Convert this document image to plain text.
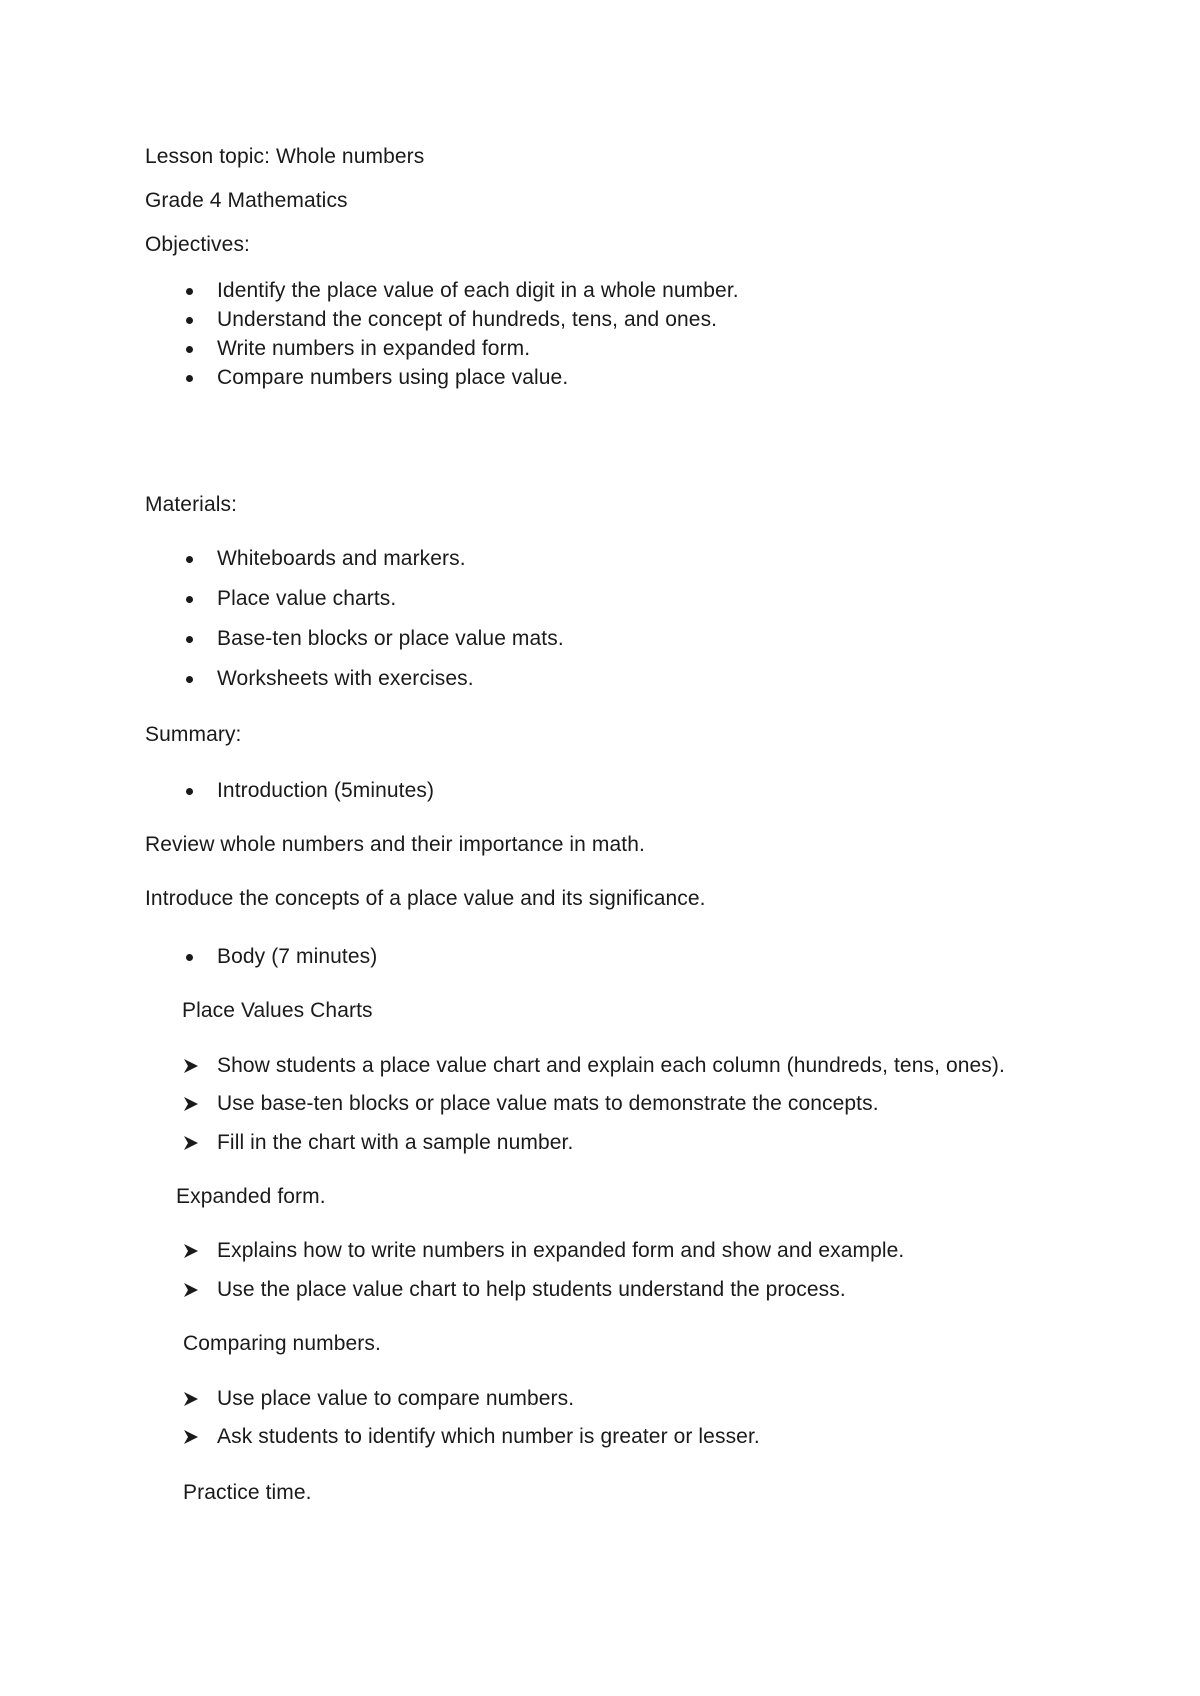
Lesson topic: Whole numbers
Grade 4 Mathematics
Objectives:
Identify the place value of each digit in a whole number.
Understand the concept of hundreds, tens, and ones.
Write numbers in expanded form.
Compare numbers using place value.
Materials:
Whiteboards and markers.
Place value charts.
Base-ten blocks or place value mats.
Worksheets with exercises.
Summary:
Introduction (5minutes)
Review whole numbers and their importance in math.
Introduce the concepts of a place value and its significance.
Body (7 minutes)
Place Values Charts
Show students a place value chart and explain each column (hundreds, tens, ones).
Use base-ten blocks or place value mats to demonstrate the concepts.
Fill in the chart with a sample number.
Expanded form.
Explains how to write numbers in expanded form and show and example.
Use the place value chart to help students understand the process.
Comparing numbers.
Use place value to compare numbers.
Ask students to identify which number is greater or lesser.
Practice time.
